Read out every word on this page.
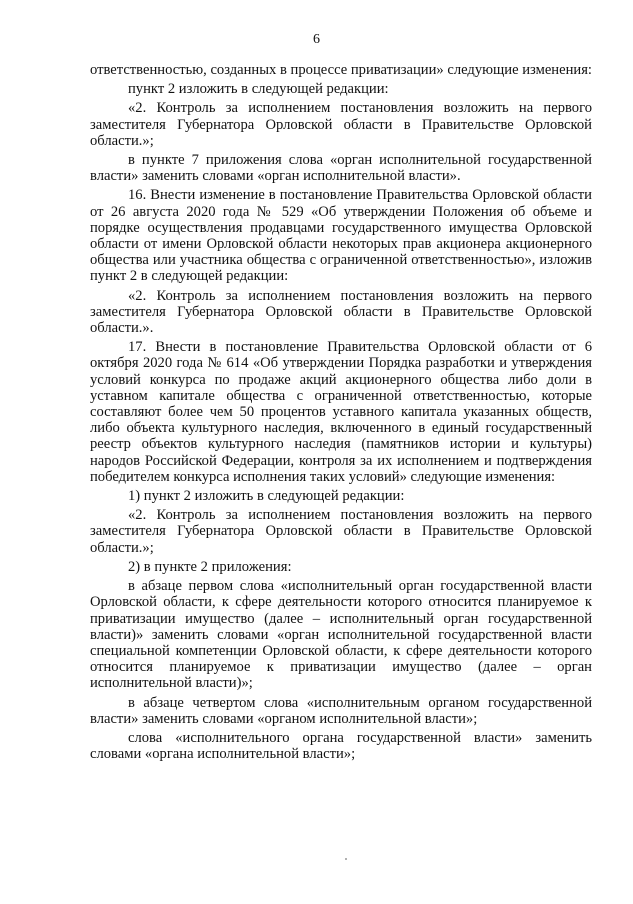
6

ответственностью, созданных в процессе приватизации» следующие изменения:

пункт 2 изложить в следующей редакции:

«2. Контроль за исполнением постановления возложить на первого заместителя Губернатора Орловской области в Правительстве Орловской области.»;

в пункте 7 приложения слова «орган исполнительной государственной власти» заменить словами «орган исполнительной власти».

16. Внести изменение в постановление Правительства Орловской области от 26 августа 2020 года № 529 «Об утверждении Положения об объеме и порядке осуществления продавцами государственного имущества Орловской области от имени Орловской области некоторых прав акционера акционерного общества или участника общества с ограниченной ответственностью», изложив пункт 2 в следующей редакции:

«2. Контроль за исполнением постановления возложить на первого заместителя Губернатора Орловской области в Правительстве Орловской области.».

17. Внести в постановление Правительства Орловской области от 6 октября 2020 года № 614 «Об утверждении Порядка разработки и утверждения условий конкурса по продаже акций акционерного общества либо доли в уставном капитале общества с ограниченной ответственностью, которые составляют более чем 50 процентов уставного капитала указанных обществ, либо объекта культурного наследия, включенного в единый государственный реестр объектов культурного наследия (памятников истории и культуры) народов Российской Федерации, контроля за их исполнением и подтверждения победителем конкурса исполнения таких условий» следующие изменения:

1) пункт 2 изложить в следующей редакции:

«2. Контроль за исполнением постановления возложить на первого заместителя Губернатора Орловской области в Правительстве Орловской области.»;

2) в пункте 2 приложения:

в абзаце первом слова «исполнительный орган государственной власти Орловской области, к сфере деятельности которого относится планируемое к приватизации имущество (далее – исполнительный орган государственной власти)» заменить словами «орган исполнительной государственной власти специальной компетенции Орловской области, к сфере деятельности которого относится планируемое к приватизации имущество (далее – орган исполнительной власти)»;

в абзаце четвертом слова «исполнительным органом государственной власти» заменить словами «органом исполнительной власти»;

слова «исполнительного органа государственной власти» заменить словами «органа исполнительной власти»;
